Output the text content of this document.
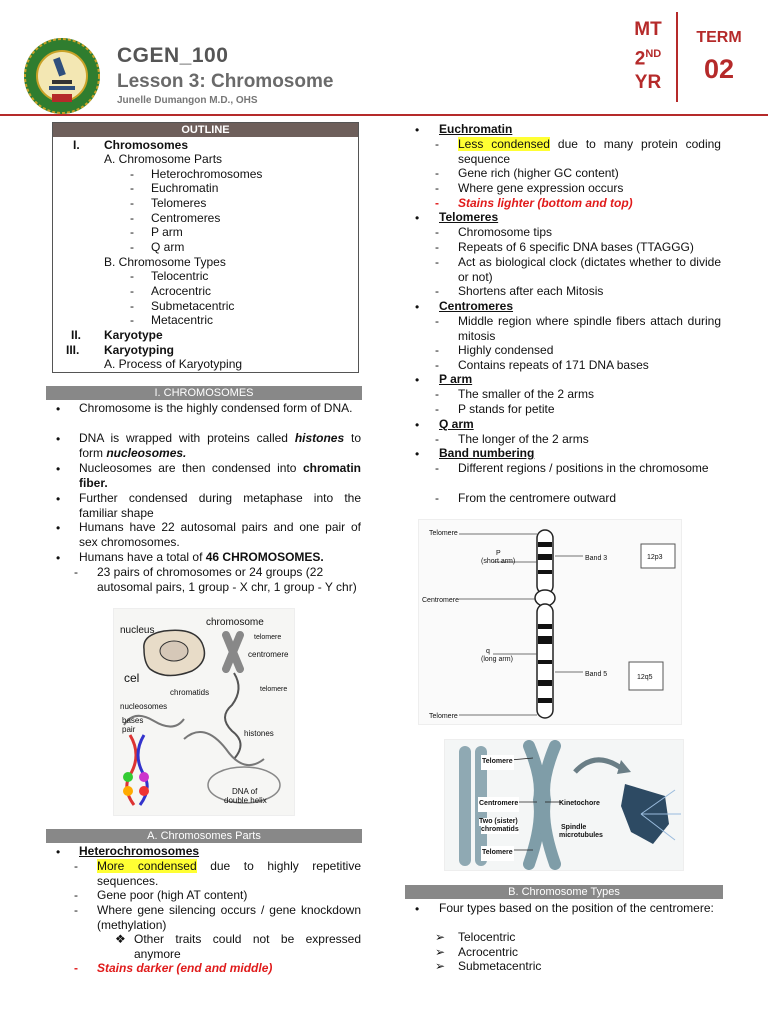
CGEN_100
Lesson 3: Chromosome
Junelle Dumangon M.D., OHS
MT
2ND
YR
TERM
02
OUTLINE
I. Chromosomes
A. Chromosome Parts
- Heterochromosomes
- Euchromatin
- Telomeres
- Centromeres
- P arm
- Q arm
B. Chromosome Types
- Telocentric
- Acrocentric
- Submetacentric
- Metacentric
II. Karyotype
III. Karyotyping
A. Process of Karyotyping
I. CHROMOSOMES
• Chromosome is the highly condensed form of DNA.
• DNA is wrapped with proteins called histones to form nucleosomes.
• Nucleosomes are then condensed into chromatin fiber.
• Further condensed during metaphase into the familiar shape
• Humans have 22 autosomal pairs and one pair of sex chromosomes.
• Humans have a total of 46 CHROMOSOMES.
- 23 pairs of chromosomes or 24 groups (22 autosomal pairs, 1 group - X chr, 1 group - Y chr)
nucleus
chromosome
telomere
centromere
cel
chromatids	telomere
nucleosomes
bases
pair	histones
DNA of
double helix
A. Chromosomes Parts
• Heterochromosomes
- More condensed due to highly repetitive sequences.
- Gene poor (high AT content)
- Where gene silencing occurs / gene knockdown (methylation)
❖ Other traits could not be expressed anymore
- Stains darker (end and middle)
• Euchromatin
- Less condensed due to many protein coding sequence
- Gene rich (higher GC content)
- Where gene expression occurs
- Stains lighter (bottom and top)
• Telomeres
- Chromosome tips
- Repeats of 6 specific DNA bases (TTAGGG)
- Act as biological clock (dictates whether to divide or not)
- Shortens after each Mitosis
• Centromeres
- Middle region where spindle fibers attach during mitosis
- Highly condensed
- Contains repeats of 171 DNA bases
• P arm
- The smaller of the 2 arms
- P stands for petite
• Q arm
- The longer of the 2 arms
• Band numbering
- Different regions / positions in the chromosome
- From the centromere outward
Telomere
P
(short arm)	Band 3	12p3
Centromere
q
(long arm)
Band 5	12q5
Telomere
Telomere
Centromere
Two (sister)
chromatids
Telomere
Kinetochore
Spindle
microtubules
B. Chromosome Types
• Four types based on the position of the centromere:
➢ Telocentric
➢ Acrocentric
➢ Submetacentric
